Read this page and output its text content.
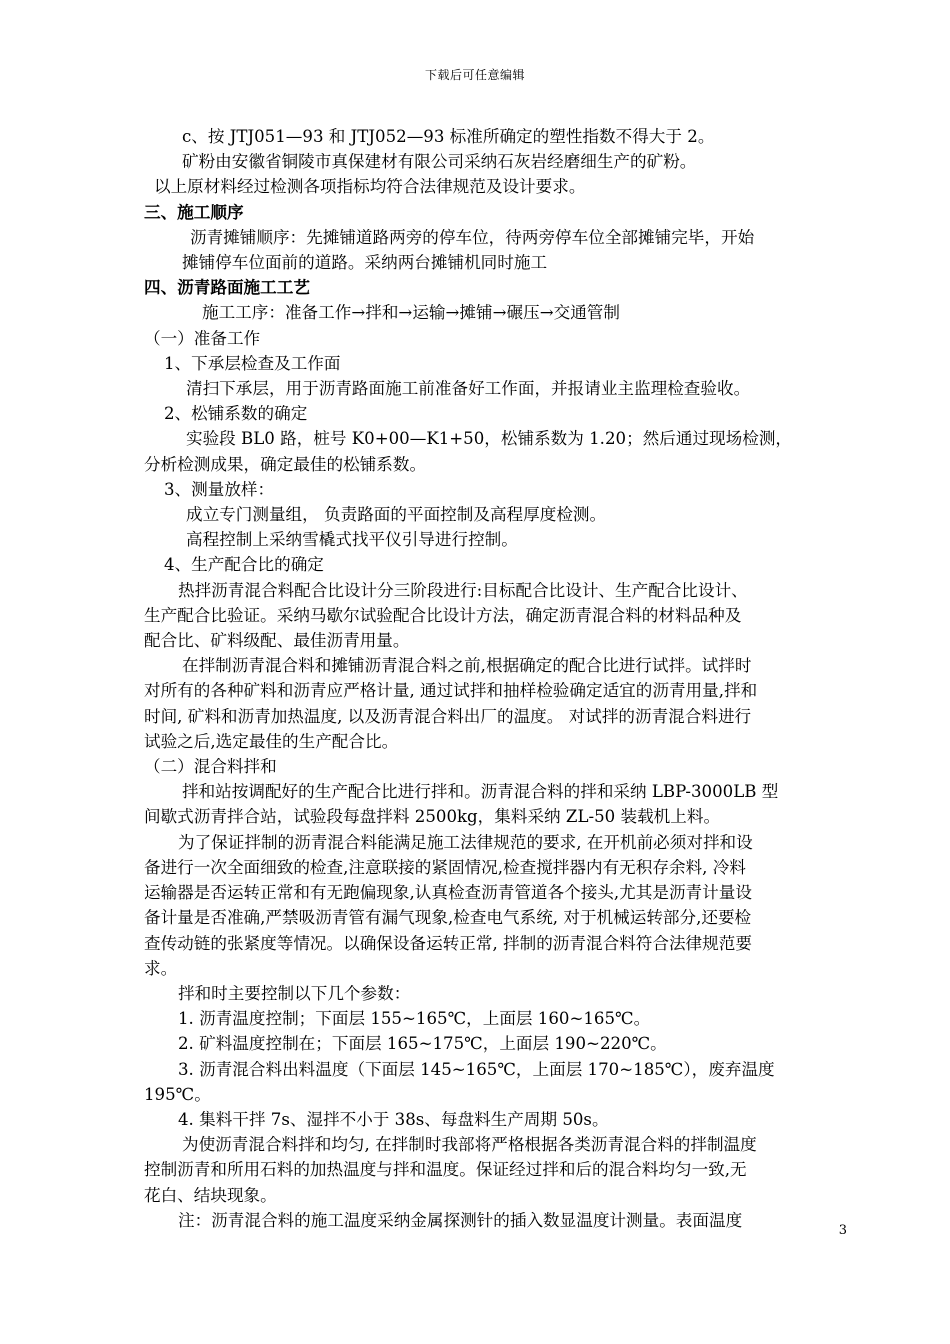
下载后可任意编辑

c、按 JTJ051—93 和 JTJ052—93 标准所确定的塑性指数不得大于 2。

矿粉由安徽省铜陵市真保建材有限公司采纳石灰岩经磨细生产的矿粉。

以上原材料经过检测各项指标均符合法律规范及设计要求。

三、施工顺序

沥青摊铺顺序：先摊铺道路两旁的停车位，待两旁停车位全部摊铺完毕，开始

摊铺停车位面前的道路。采纳两台摊铺机同时施工

四、沥青路面施工工艺

施工工序：准备工作→拌和→运输→摊铺→碾压→交通管制

（一）准备工作

1、下承层检查及工作面

清扫下承层，用于沥青路面施工前准备好工作面，并报请业主监理检查验收。

2、松铺系数的确定

实验段 BL0 路，桩号 K0+00—K1+50，松铺系数为 1.20；然后通过现场检测，

分析检测成果，确定最佳的松铺系数。

3、测量放样：

成立专门测量组， 负责路面的平面控制及高程厚度检测。

高程控制上采纳雪橇式找平仪引导进行控制。

4、生产配合比的确定

热拌沥青混合料配合比设计分三阶段进行:目标配合比设计、生产配合比设计、

生产配合比验证。采纳马歇尔试验配合比设计方法，确定沥青混合料的材料品种及

配合比、矿料级配、最佳沥青用量。

在拌制沥青混合料和摊铺沥青混合料之前,根据确定的配合比进行试拌。试拌时

对所有的各种矿料和沥青应严格计量, 通过试拌和抽样检验确定适宜的沥青用量,拌和

时间, 矿料和沥青加热温度, 以及沥青混合料出厂的温度。 对试拌的沥青混合料进行

试验之后,选定最佳的生产配合比。

（二）混合料拌和

拌和站按调配好的生产配合比进行拌和。沥青混合料的拌和采纳 LBP-3000LB 型

间歇式沥青拌合站，试验段每盘拌料 2500kg，集料采纳 ZL-50 装载机上料。

为了保证拌制的沥青混合料能满足施工法律规范的要求, 在开机前必须对拌和设

备进行一次全面细致的检查,注意联接的紧固情况,检查搅拌器内有无积存余料, 冷料

运输器是否运转正常和有无跑偏现象,认真检查沥青管道各个接头,尤其是沥青计量设

备计量是否准确,严禁吸沥青管有漏气现象,检查电气系统, 对于机械运转部分,还要检

查传动链的张紧度等情况。以确保设备运转正常, 拌制的沥青混合料符合法律规范要

求。

拌和时主要控制以下几个参数：

1. 沥青温度控制；下面层 155~165℃，上面层 160~165℃。

2. 矿料温度控制在；下面层 165~175℃，上面层 190~220℃。

3. 沥青混合料出料温度（下面层 145~165℃，上面层 170~185℃），废弃温度

195℃。

4. 集料干拌 7s、湿拌不小于 38s、每盘料生产周期 50s。

为使沥青混合料拌和均匀, 在拌制时我部将严格根据各类沥青混合料的拌制温度

控制沥青和所用石料的加热温度与拌和温度。保证经过拌和后的混合料均匀一致,无

花白、结块现象。

注：沥青混合料的施工温度采纳金属探测针的插入数显温度计测量。表面温度

3
